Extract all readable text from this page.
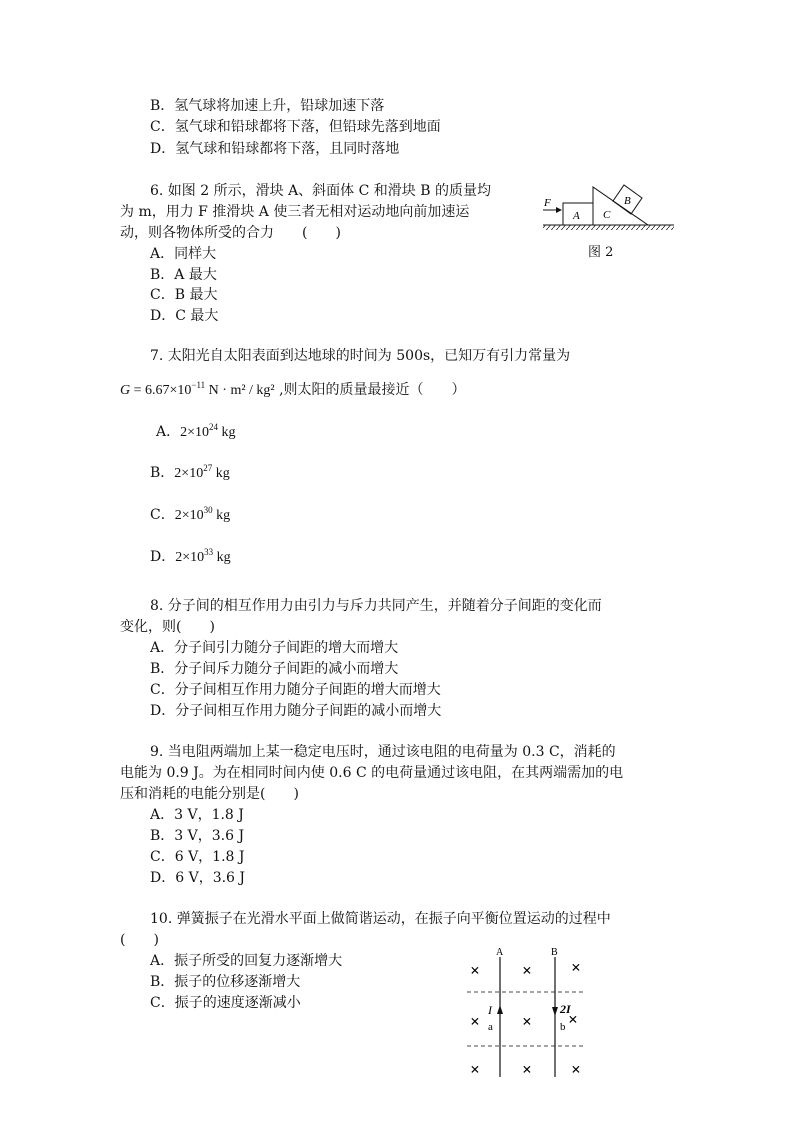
B．氢气球将加速上升，铅球加速下落
C．氢气球和铅球都将下落，但铅球先落到地面
D．氢气球和铅球都将下落，且同时落地
6. 如图 2 所示，滑块 A、斜面体 C 和滑块 B 的质量均
为 m，用力 F 推滑块 A 使三者无相对运动地向前加速运
动，则各物体所受的合力　　(　　)
A．同样大
B．A 最大
C．B 最大
D．C 最大
F
A C
B
图 2
7. 太阳光自太阳表面到达地球的时间为 500s，已知万有引力常量为
$G = 6.67\times 10^{-11}$ N · m² / kg² ,则太阳的质量最接近（　　）
A．$2\times 10^{24}$ kg
B．$2\times 10^{27}$ kg
C．$2\times 10^{30}$ kg
D．$2\times 10^{33}$ kg
8. 分子间的相互作用力由引力与斥力共同产生，并随着分子间距的变化而
变化，则(　　)
A．分子间引力随分子间距的增大而增大
B．分子间斥力随分子间距的减小而增大
C．分子间相互作用力随分子间距的增大而增大
D．分子间相互作用力随分子间距的减小而增大
9. 当电阻两端加上某一稳定电压时，通过该电阻的电荷量为 0.3 C，消耗的
电能为 0.9 J。为在相同时间内使 0.6 C 的电荷量通过该电阻，在其两端需加的电
压和消耗的电能分别是(　　)
A．3 V，1.8 J
B．3 V，3.6 J
C．6 V，1.8 J
D．6 V，3.6 J
10. 弹簧振子在光滑水平面上做简谐运动，在振子向平衡位置运动的过程中
(　　)
A．振子所受的回复力逐渐增大
B．振子的位移逐渐增大
C．振子的速度逐渐减小
A
I
a
B
2I
b
× × ×
× × ×
× × ×
